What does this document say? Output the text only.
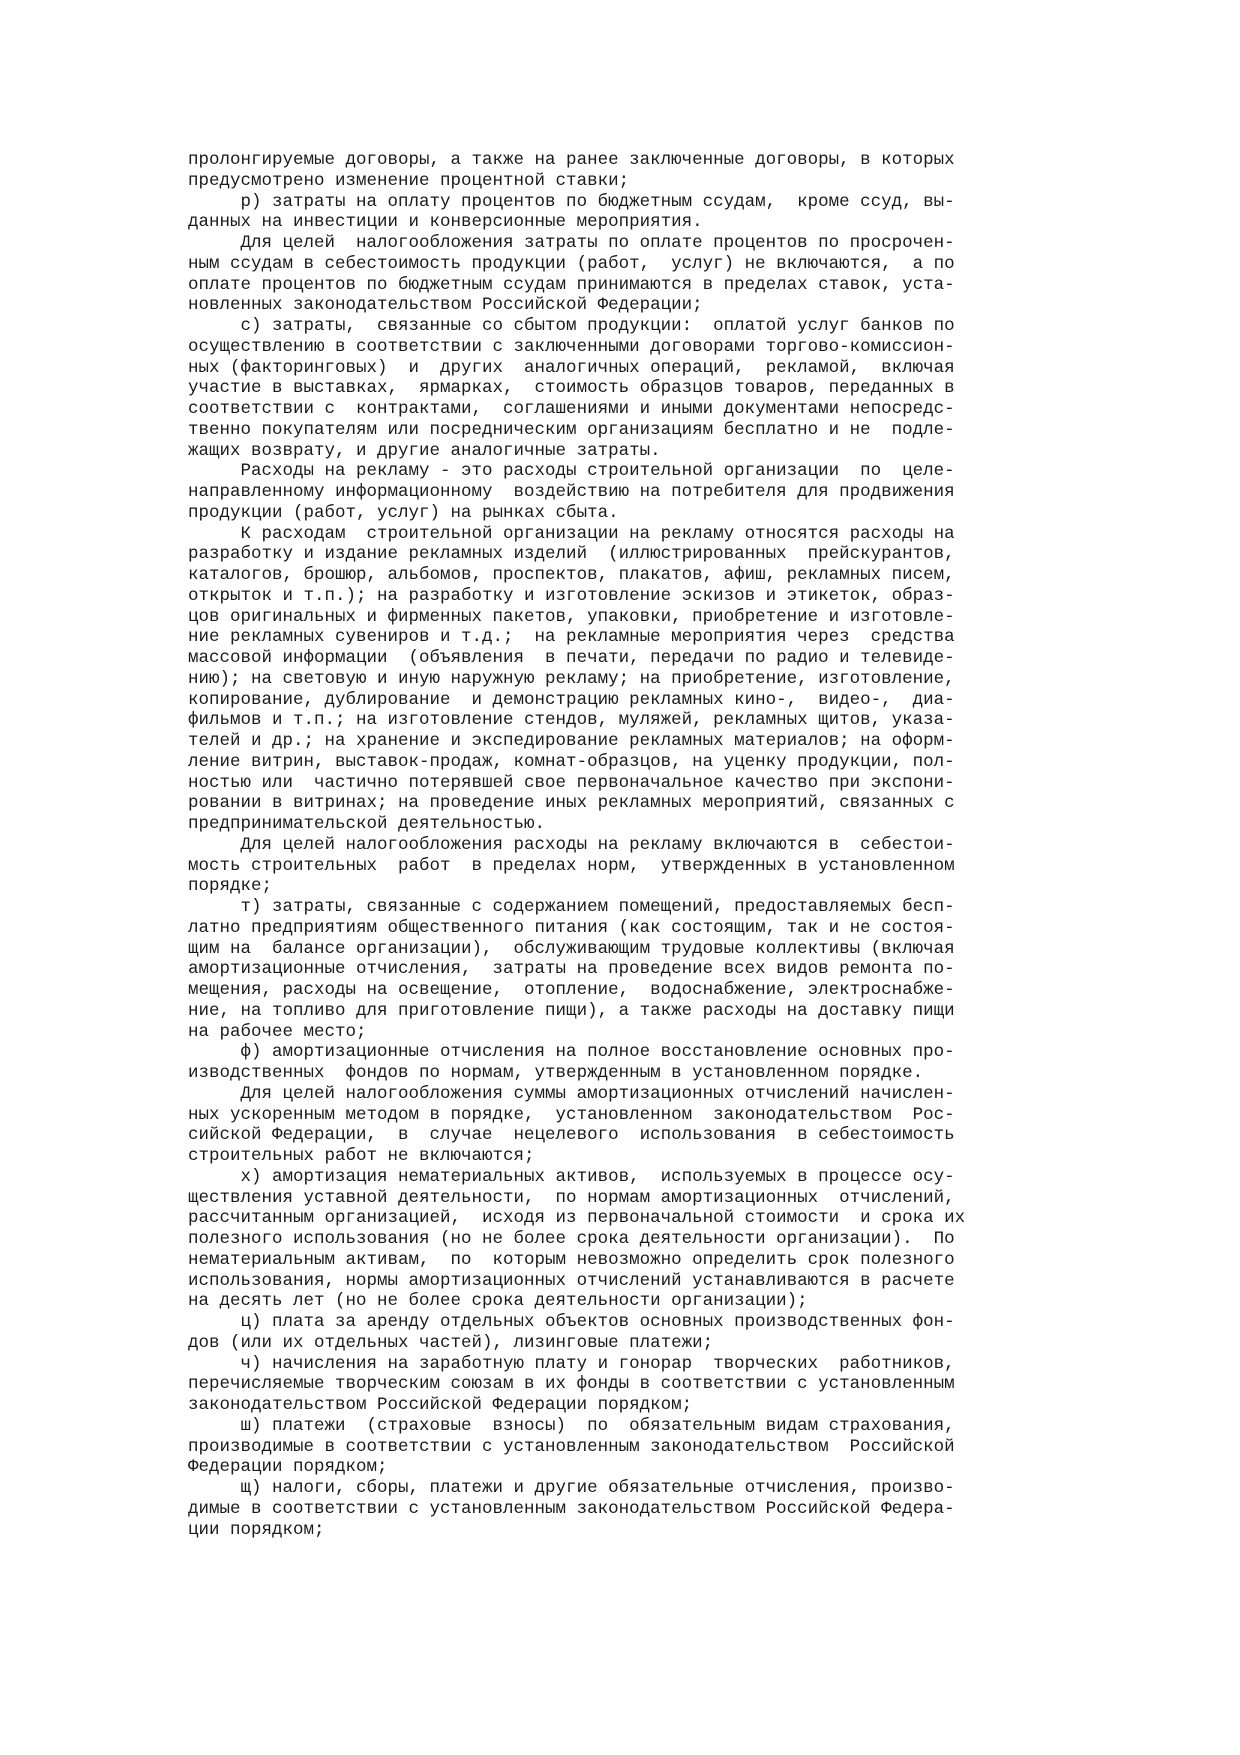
пролонгируемые договоры, а также на ранее заключенные договоры, в которых
предусмотрено изменение процентной ставки;
р) затраты на оплату процентов по бюджетным ссудам,  кроме ссуд, вы-
данных на инвестиции и конверсионные мероприятия.
Для целей  налогообложения затраты по оплате процентов по просрочен-
ным ссудам в себестоимость продукции (работ,  услуг) не включаются,  а по
оплате процентов по бюджетным ссудам принимаются в пределах ставок, уста-
новленных законодательством Российской Федерации;
с) затраты,  связанные со сбытом продукции:  оплатой услуг банков по
осуществлению в соответствии с заключенными договорами торгово-комиссион-
ных (факторинговых)  и  других  аналогичных операций,  рекламой,  включая
участие в выставках,  ярмарках,  стоимость образцов товаров, переданных в
соответствии с  контрактами,  соглашениями и иными документами непосредс-
твенно покупателям или посредническим организациям бесплатно и не  подле-
жащих возврату, и другие аналогичные затраты.
Расходы на рекламу - это расходы строительной организации  по  целе-
направленному информационному  воздействию на потребителя для продвижения
продукции (работ, услуг) на рынках сбыта.
К расходам  строительной организации на рекламу относятся расходы на
разработку и издание рекламных изделий  (иллюстрированных  прейскурантов,
каталогов, брошюр, альбомов, проспектов, плакатов, афиш, рекламных писем,
открыток и т.п.); на разработку и изготовление эскизов и этикеток, образ-
цов оригинальных и фирменных пакетов, упаковки, приобретение и изготовле-
ние рекламных сувениров и т.д.;  на рекламные мероприятия через  средства
массовой информации  (объявления  в печати, передачи по радио и телевиде-
нию); на световую и иную наружную рекламу; на приобретение, изготовление,
копирование, дублирование  и демонстрацию рекламных кино-,  видео-,  диа-
фильмов и т.п.; на изготовление стендов, муляжей, рекламных щитов, указа-
телей и др.; на хранение и экспедирование рекламных материалов; на оформ-
ление витрин, выставок-продаж, комнат-образцов, на уценку продукции, пол-
ностью или  частично потерявшей свое первоначальное качество при экспони-
ровании в витринах; на проведение иных рекламных мероприятий, связанных с
предпринимательской деятельностью.
Для целей налогообложения расходы на рекламу включаются в  себестои-
мость строительных  работ  в пределах норм,  утвержденных в установленном
порядке;
т) затраты, связанные с содержанием помещений, предоставляемых бесп-
латно предприятиям общественного питания (как состоящим, так и не состоя-
щим на  балансе организации),  обслуживающим трудовые коллективы (включая
амортизационные отчисления,  затраты на проведение всех видов ремонта по-
мещения, расходы на освещение,  отопление,  водоснабжение, электроснабже-
ние, на топливо для приготовление пищи), а также расходы на доставку пищи
на рабочее место;
ф) амортизационные отчисления на полное восстановление основных про-
изводственных  фондов по нормам, утвержденным в установленном порядке.
Для целей налогообложения суммы амортизационных отчислений начислен-
ных ускоренным методом в порядке,  установленном  законодательством  Рос-
сийской Федерации,  в  случае  нецелевого  использования  в себестоимость
строительных работ не включаются;
х) амортизация нематериальных активов,  используемых в процессе осу-
ществления уставной деятельности,  по нормам амортизационных  отчислений,
рассчитанным организацией,  исходя из первоначальной стоимости  и срока их
полезного использования (но не более срока деятельности организации).  По
нематериальным активам,  по  которым невозможно определить срок полезного
использования, нормы амортизационных отчислений устанавливаются в расчете
на десять лет (но не более срока деятельности организации);
ц) плата за аренду отдельных объектов основных производственных фон-
дов (или их отдельных частей), лизинговые платежи;
ч) начисления на заработную плату и гонорар  творческих  работников,
перечисляемые творческим союзам в их фонды в соответствии с установленным
законодательством Российской Федерации порядком;
ш) платежи  (страховые  взносы)  по  обязательным видам страхования,
производимые в соответствии с установленным законодательством  Российской
Федерации порядком;
щ) налоги, сборы, платежи и другие обязательные отчисления, произво-
димые в соответствии с установленным законодательством Российской Федера-
ции порядком;
